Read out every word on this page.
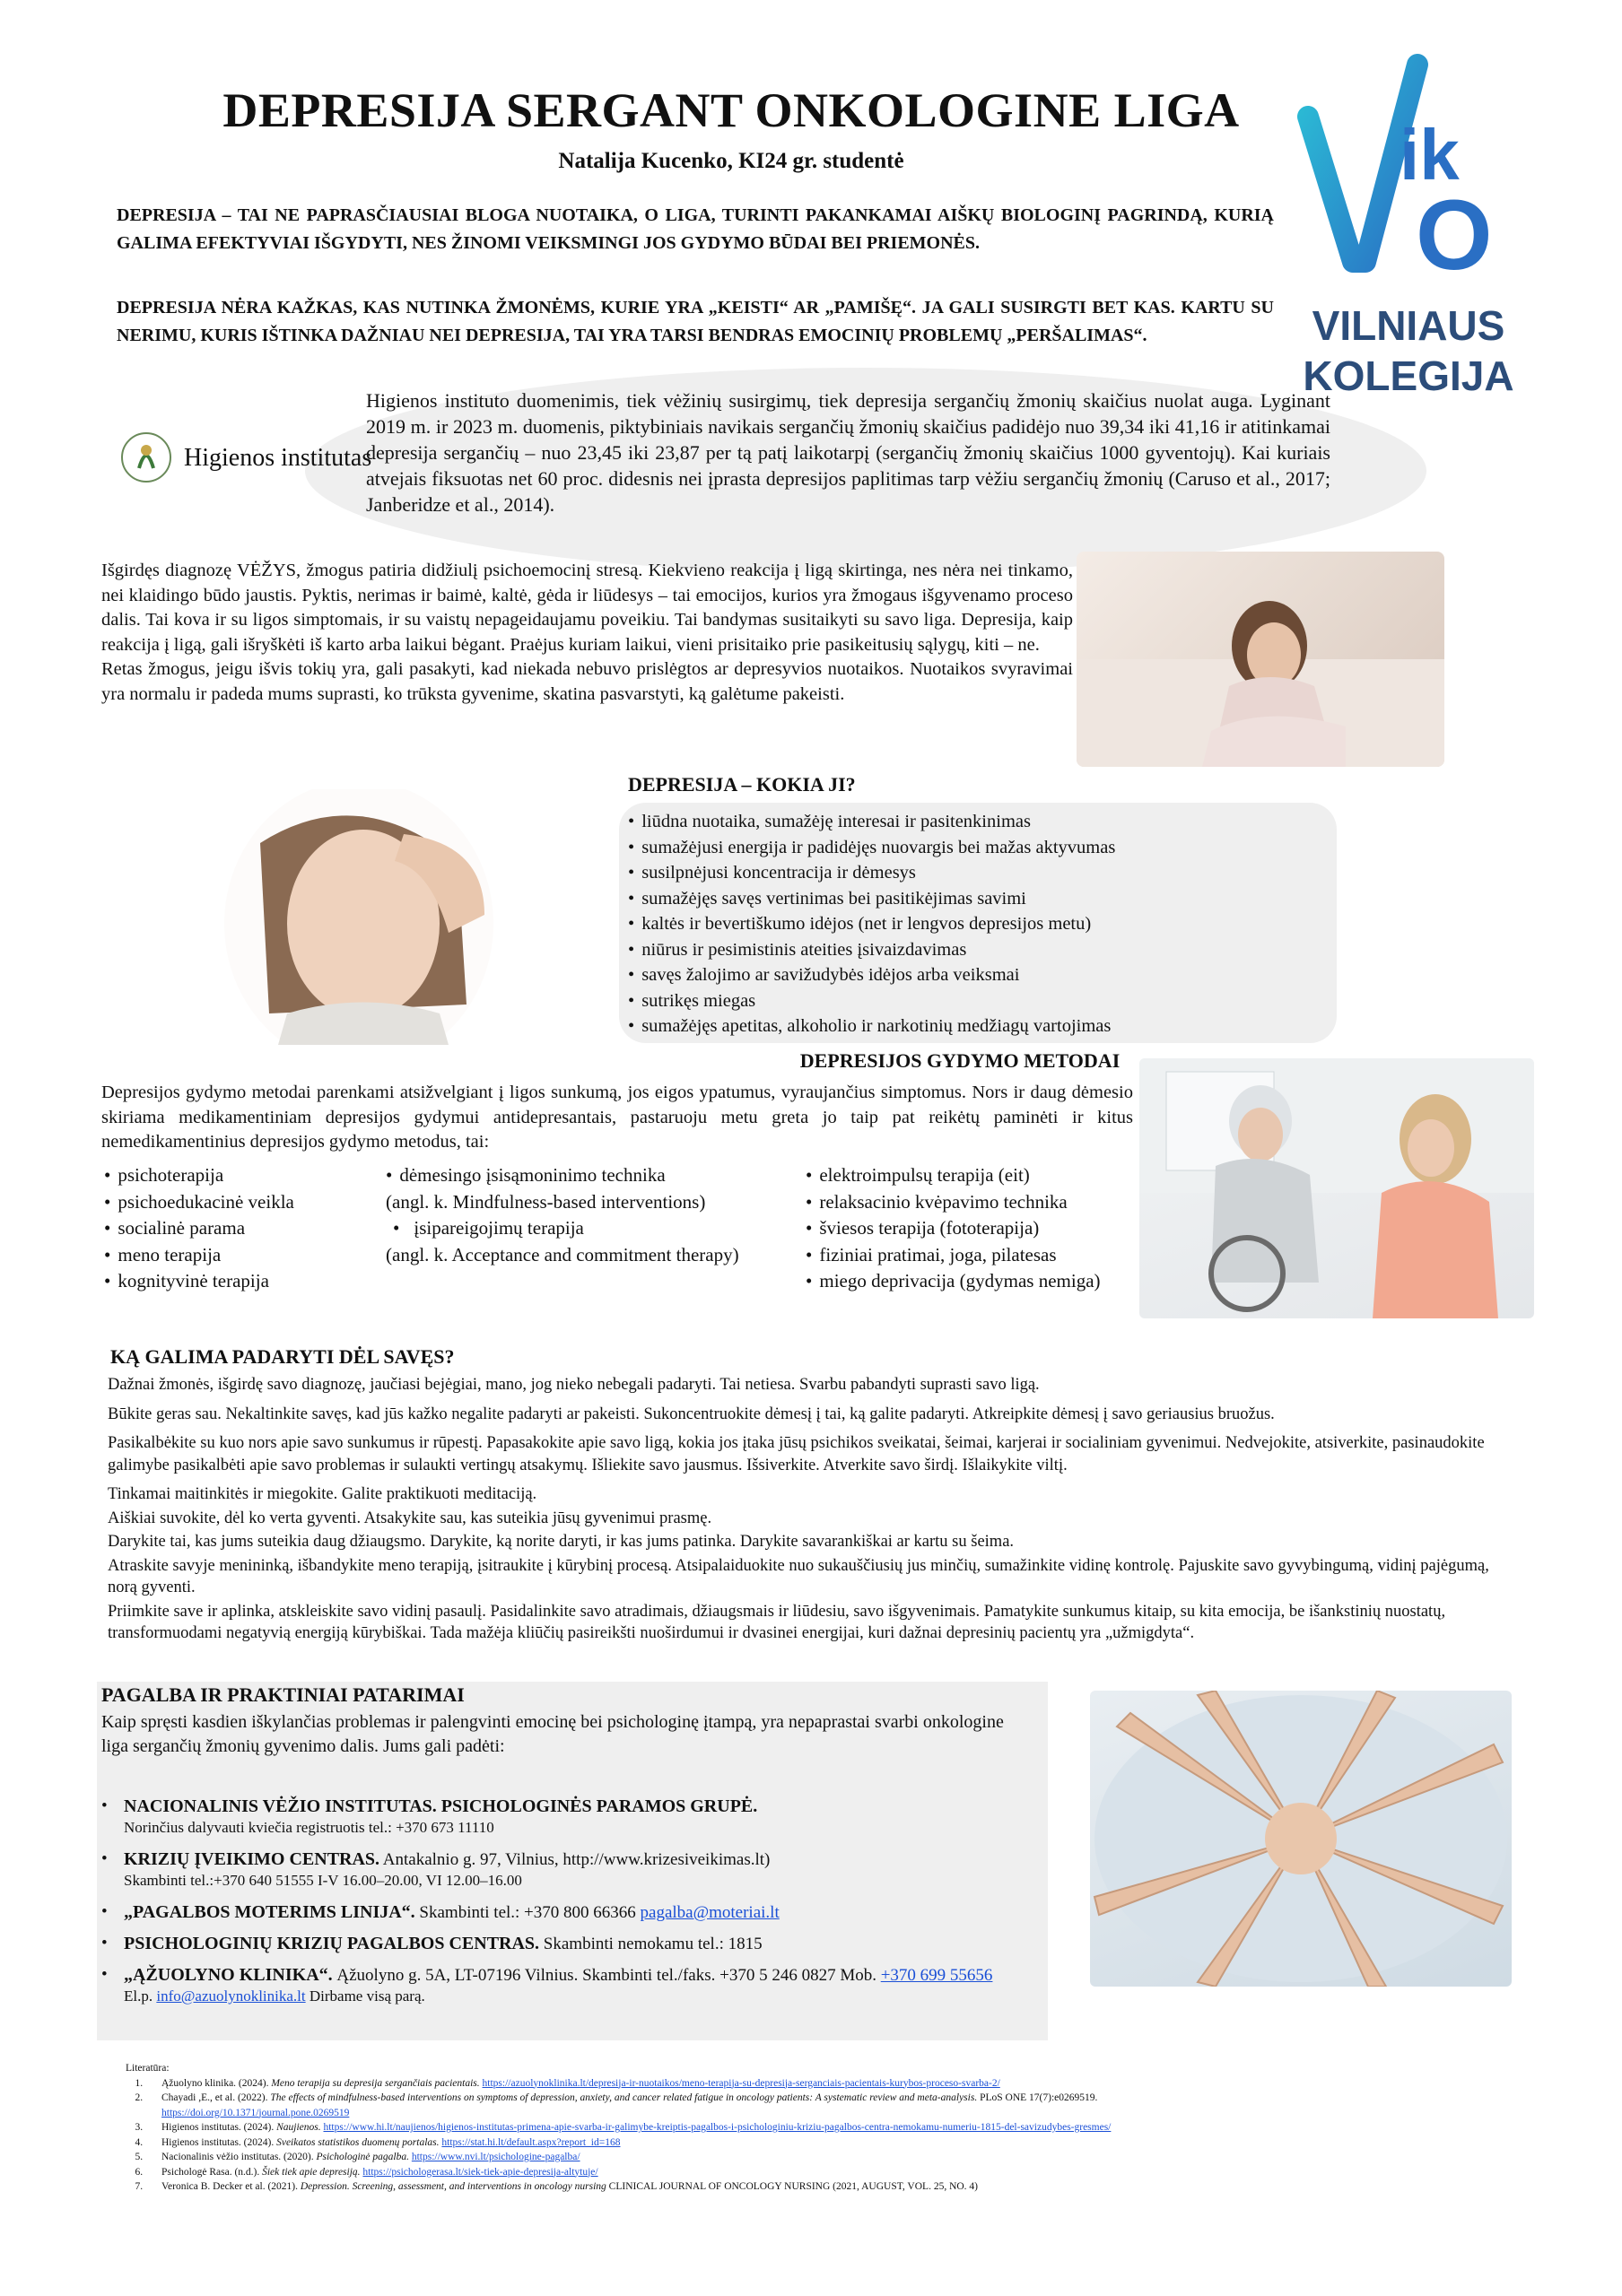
DEPRESIJA SERGANT ONKOLOGINE LIGA
Natalija Kucenko, KI24 gr. studentė
DEPRESIJA – TAI NE PAPRASČIAUSIAI BLOGA NUOTAIKA, O LIGA, TURINTI PAKANKAMAI AIŠKŲ BIOLOGINĮ PAGRINDĄ, KURIĄ GALIMA EFEKTYVIAI IŠGYDYTI, NES ŽINOMI VEIKSMINGI JOS GYDYMO BŪDAI BEI PRIEMONĖS.
DEPRESIJA NĖRA KAŽKAS, KAS NUTINKA ŽMONĖMS, KURIE YRA „KEISTI“ AR „PAMIŠĘ“. JA GALI SUSIRGTI BET KAS. KARTU SU NERIMU, KURIS IŠTINKA DAŽNIAU NEI DEPRESIJA, TAI YRA TARSI BENDRAS EMOCINIŲ PROBLEMŲ „PERŠALIMAS“.
ik
O
VILNIAUS
KOLEGIJA
Higienos institutas
Higienos instituto duomenimis, tiek vėžinių susirgimų, tiek depresija sergančių žmonių skaičius nuolat auga. Lyginant 2019 m. ir 2023 m. duomenis, piktybiniais navikais sergančių žmonių skaičius padidėjo nuo 39,34 iki 41,16 ir atitinkamai depresija sergančių – nuo 23,45 iki 23,87 per tą patį laikotarpį (sergančių žmonių skaičius 1000 gyventojų). Kai kuriais atvejais fiksuotas net 60 proc. didesnis nei įprasta depresijos paplitimas tarp vėžiu sergančių žmonių (Caruso et al., 2017; Janberidze et al., 2014).
Išgirdęs diagnozę VĖŽYS, žmogus patiria didžiulį psichoemocinį stresą. Kiekvieno reakcija į ligą skirtinga, nes nėra nei tinkamo, nei klaidingo būdo jaustis. Pyktis, nerimas ir baimė, kaltė, gėda ir liūdesys – tai emocijos, kurios yra žmogaus išgyvenamo proceso dalis. Tai kova ir su ligos simptomais, ir su vaistų nepageidaujamu poveikiu. Tai bandymas susitaikyti su savo liga. Depresija, kaip reakcija į ligą, gali išryškėti iš karto arba laikui bėgant. Praėjus kuriam laikui, vieni prisitaiko prie pasikeitusių sąlygų, kiti – ne.
Retas žmogus, jeigu išvis tokių yra, gali pasakyti, kad niekada nebuvo prislėgtos ar depresyvios nuotaikos. Nuotaikos svyravimai yra normalu ir padeda mums suprasti, ko trūksta gyvenime, skatina pasvarstyti, ką galėtume pakeisti.
DEPRESIJA – KOKIA JI?
• liūdna nuotaika, sumažėję interesai ir pasitenkinimas
• sumažėjusi energija ir padidėjęs nuovargis bei mažas aktyvumas
• susilpnėjusi koncentracija ir dėmesys
• sumažėjęs savęs vertinimas bei pasitikėjimas savimi
• kaltės ir bevertiškumo idėjos (net ir lengvos depresijos metu)
• niūrus ir pesimistinis ateities įsivaizdavimas
• savęs žalojimo ar savižudybės idėjos arba veiksmai
• sutrikęs miegas
• sumažėjęs apetitas, alkoholio ir narkotinių medžiagų vartojimas
DEPRESIJOS GYDYMO METODAI
Depresijos gydymo metodai parenkami atsižvelgiant į ligos sunkumą, jos eigos ypatumus, vyraujančius simptomus. Nors ir daug dėmesio skiriama medikamentiniam depresijos gydymui antidepresantais, pastaruoju metu greta jo taip pat reikėtų paminėti ir kitus nemedikamentinius depresijos gydymo metodus, tai:
• psichoterapija
• psichoedukacinė veikla
• socialinė parama
• meno terapija
• kognityvinė terapija
• dėmesingo įsisąmoninimo technika
(angl. k. Mindfulness-based interventions)
• įsipareigojimų terapija
(angl. k. Acceptance and commitment therapy)
• elektroimpulsų terapija (eit)
• relaksacinio kvėpavimo technika
• šviesos terapija (fototerapija)
• fiziniai pratimai, joga, pilatesas
• miego deprivacija (gydymas nemiga)
KĄ GALIMA PADARYTI DĖL SAVĘS?
Dažnai žmonės, išgirdę savo diagnozę, jaučiasi bejėgiai, mano, jog nieko nebegali padaryti. Tai netiesa. Svarbu pabandyti suprasti savo ligą.
Būkite geras sau. Nekaltinkite savęs, kad jūs kažko negalite padaryti ar pakeisti. Sukoncentruokite dėmesį į tai, ką galite padaryti. Atkreipkite dėmesį į savo geriausius bruožus.
Pasikalbėkite su kuo nors apie savo sunkumus ir rūpestį. Papasakokite apie savo ligą, kokia jos įtaka jūsų psichikos sveikatai, šeimai, karjerai ir socialiniam gyvenimui. Nedvejokite, atsiverkite, pasinaudokite galimybe pasikalbėti apie savo problemas ir sulaukti vertingų atsakymų. Išliekite savo jausmus. Išsiverkite. Atverkite savo širdį. Išlaikykite viltį.
Tinkamai maitinkitės ir miegokite. Galite praktikuoti meditaciją.
Aiškiai suvokite, dėl ko verta gyventi. Atsakykite sau, kas suteikia jūsų gyvenimui prasmę.
Darykite tai, kas jums suteikia daug džiaugsmo. Darykite, ką norite daryti, ir kas jums patinka. Darykite savarankiškai ar kartu su šeima.
Atraskite savyje menininką, išbandykite meno terapiją, įsitraukite į kūrybinį procesą. Atsipalaiduokite nuo sukauščiusių jus minčių, sumažinkite vidinę kontrolę. Pajuskite savo gyvybingumą, vidinį pajėgumą, norą gyventi.
Priimkite save ir aplinka, atskleiskite savo vidinį pasaulį. Pasidalinkite savo atradimais, džiaugsmais ir liūdesiu, savo išgyvenimais. Pamatykite sunkumus kitaip, su kita emocija, be išankstinių nuostatų, transformuodami negatyvią energiją kūrybiškai. Tada mažėja kliūčių pasireikšti nuoširdumui ir dvasinei energijai, kuri dažnai depresinių pacientų yra „užmigdyta“.
PAGALBA IR PRAKTINIAI PATARIMAI
Kaip spręsti kasdien iškylančias problemas ir palengvinti emocinę bei psichologinę įtampą, yra nepaprastai svarbi onkologine liga sergančių žmonių gyvenimo dalis. Jums gali padėti:
• NACIONALINIS VĖŽIO INSTITUTAS. PSICHOLOGINĖS PARAMOS GRUPĖ.
Norinčius dalyvauti kviečia registruotis tel.: +370 673 11110
• KRIZIŲ ĮVEIKIMO CENTRAS. Antakalnio g. 97, Vilnius, http://www.krizesiveikimas.lt)
Skambinti tel.:+370 640 51555 I-V 16.00–20.00, VI 12.00–16.00
• „PAGALBOS MOTERIMS LINIJA“. Skambinti tel.: +370 800 66366 pagalba@moteriai.lt
• PSICHOLOGINIŲ KRIZIŲ PAGALBOS CENTRAS. Skambinti nemokamu tel.: 1815
• „ĄŽUOLYNO KLINIKA“. Ąžuolyno g. 5A, LT-07196 Vilnius. Skambinti tel./faks. +370 5 246 0827 Mob. +370 699 55656
El.p. info@azuolynoklinika.lt Dirbame visą parą.
Literatūra:
1. Ąžuolyno klinika. (2024). Meno terapija su depresija sergančiais pacientais. https://azuolynoklinika.lt/depresija-ir-nuotaikos/meno-terapija-su-depresija-serganciais-pacientais-kurybos-proceso-svarba-2/
2. Chayadi ,E., et al. (2022). The effects of mindfulness-based interventions on symptoms of depression, anxiety, and cancer related fatigue in oncology patients: A systematic review and meta-analysis. PLoS ONE 17(7):e0269519.
https://doi.org/10.1371/journal.pone.0269519
3. Higienos institutas. (2024). Naujienos. https://www.hi.lt/naujienos/higienos-institutas-primena-apie-svarba-ir-galimybe-kreiptis-pagalbos-i-psichologiniu-kriziu-pagalbos-centra-nemokamu-numeriu-1815-del-savizudybes-gresmes/
4. Higienos institutas. (2024). Sveikatos statistikos duomenų portalas. https://stat.hi.lt/default.aspx?report_id=168
5. Nacionalinis vėžio institutas. (2020). Psichologinė pagalba. https://www.nvi.lt/psichologine-pagalba/
6. Psichologė Rasa. (n.d.). Šiek tiek apie depresiją. https://psichologerasa.lt/siek-tiek-apie-depresija-altytuje/
7. Veronica B. Decker et al. (2021). Depression. Screening, assessment, and interventions in oncology nursing CLINICAL JOURNAL OF ONCOLOGY NURSING (2021, AUGUST, VOL. 25, NO. 4)
